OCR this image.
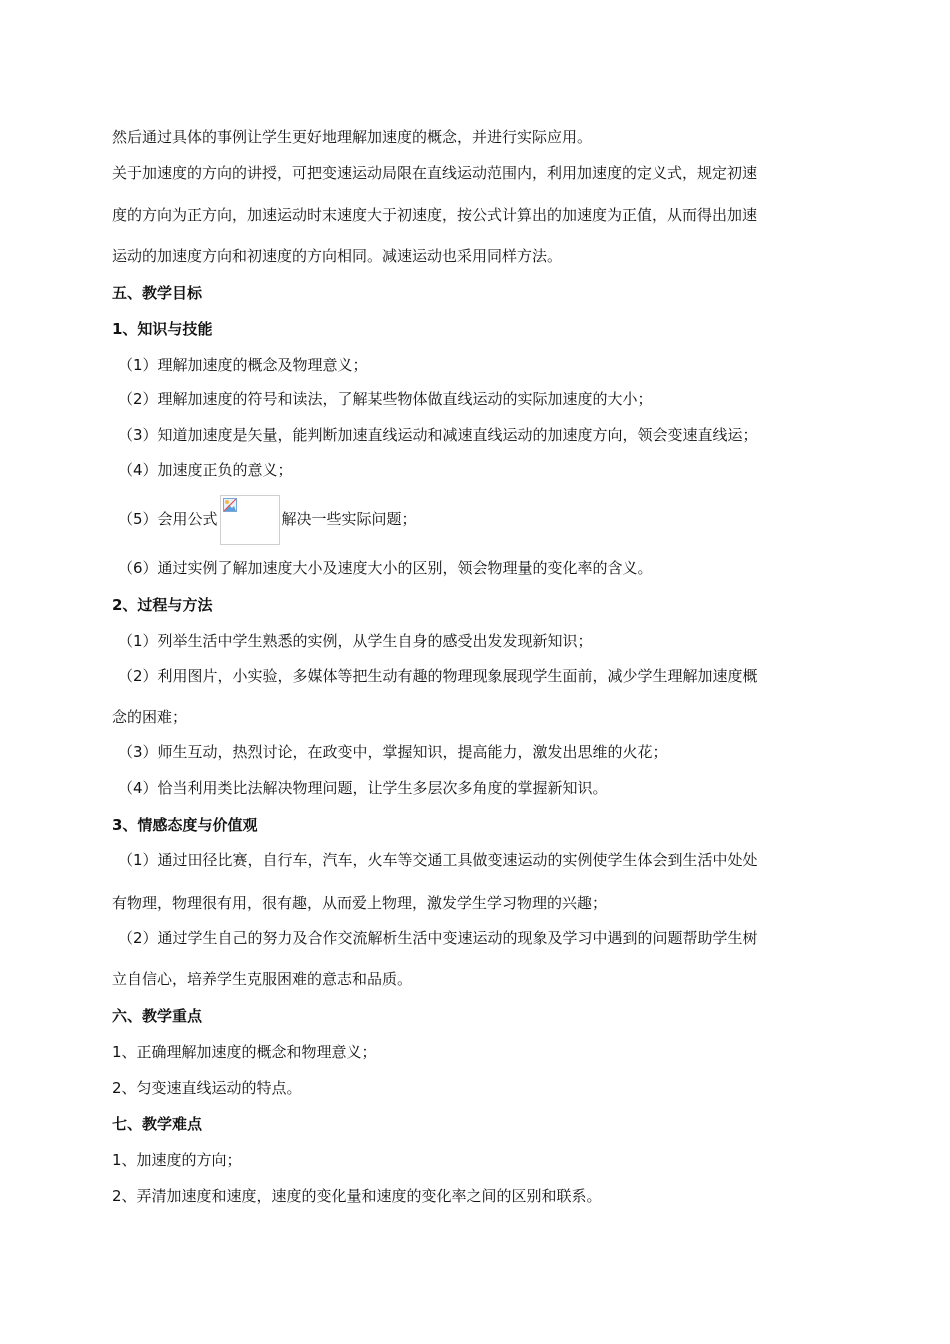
然后通过具体的事例让学生更好地理解加速度的概念，并进行实际应用。
关于加速度的方向的讲授，可把变速运动局限在直线运动范围内，利用加速度的定义式，规定初速
度的方向为正方向，加速运动时末速度大于初速度，按公式计算出的加速度为正值，从而得出加速
运动的加速度方向和初速度的方向相同。减速运动也采用同样方法。
五、教学目标
1、知识与技能
（1）理解加速度的概念及物理意义；
（2）理解加速度的符号和读法，了解某些物体做直线运动的实际加速度的大小；
（3）知道加速度是矢量，能判断加速直线运动和减速直线运动的加速度方向，领会变速直线运；
（4）加速度正负的意义；
（5）会用公式	解决一些实际问题；
（6）通过实例了解加速度大小及速度大小的区别，领会物理量的变化率的含义。
2、过程与方法
（1）列举生活中学生熟悉的实例，从学生自身的感受出发发现新知识；
（2）利用图片，小实验，多媒体等把生动有趣的物理现象展现学生面前，减少学生理解加速度概
念的困难；
（3）师生互动，热烈讨论，在政变中，掌握知识，提高能力，激发出思维的火花；
（4）恰当利用类比法解决物理问题，让学生多层次多角度的掌握新知识。
3、情感态度与价值观
（1）通过田径比赛，自行车，汽车，火车等交通工具做变速运动的实例使学生体会到生活中处处
有物理，物理很有用，很有趣，从而爱上物理，激发学生学习物理的兴趣；
（2）通过学生自己的努力及合作交流解析生活中变速运动的现象及学习中遇到的问题帮助学生树
立自信心，培养学生克服困难的意志和品质。
六、教学重点
1、正确理解加速度的概念和物理意义；
2、匀变速直线运动的特点。
七、教学难点
1、加速度的方向；
2、弄清加速度和速度，速度的变化量和速度的变化率之间的区别和联系。
